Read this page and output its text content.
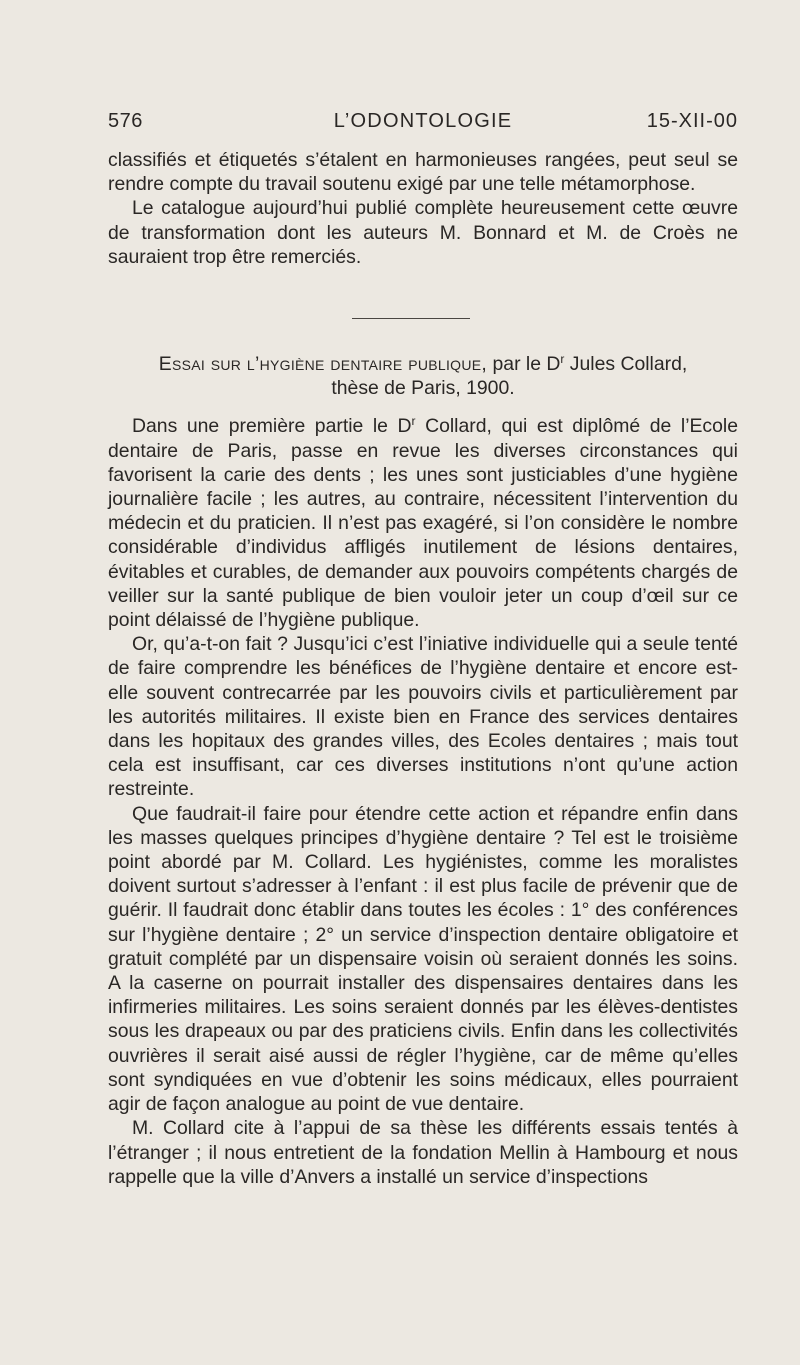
576	L’ODONTOLOGIE	15-XII-00

classifiés et étiquetés s’étalent en harmonieuses rangées, peut seul se rendre compte du travail soutenu exigé par une telle métamorphose.

Le catalogue aujourd’hui publié complète heureusement cette œuvre de transformation dont les auteurs M. Bonnard et M. de Croès ne sauraient trop être remerciés.

Essai sur l’hygiène dentaire publique, par le $D^r$ Jules Collard,

thèse de Paris, 1900.

Dans une première partie le $D^r$ Collard, qui est diplômé de l’Ecole dentaire de Paris, passe en revue les diverses circonstances qui favorisent la carie des dents ; les unes sont justiciables d’une hygiène journalière facile ; les autres, au contraire, nécessitent l’intervention du médecin et du praticien. Il n’est pas exagéré, si l’on considère le nombre considérable d’individus affligés inutilement de lésions dentaires, évitables et curables, de demander aux pouvoirs compétents chargés de veiller sur la santé publique de bien vouloir jeter un coup d’œil sur ce point délaissé de l’hygiène publique.

Or, qu’a-t-on fait ? Jusqu’ici c’est l’iniative individuelle qui a seule tenté de faire comprendre les bénéfices de l’hygiène dentaire et encore est-elle souvent contrecarrée par les pouvoirs civils et particulièrement par les autorités militaires. Il existe bien en France des services dentaires dans les hopitaux des grandes villes, des Ecoles dentaires ; mais tout cela est insuffisant, car ces diverses institutions n’ont qu’une action restreinte.

Que faudrait-il faire pour étendre cette action et répandre enfin dans les masses quelques principes d’hygiène dentaire ? Tel est le troisième point abordé par M. Collard. Les hygiénistes, comme les moralistes doivent surtout s’adresser à l’enfant : il est plus facile de prévenir que de guérir. Il faudrait donc établir dans toutes les écoles : 1° des conférences sur l’hygiène dentaire ; 2° un service d’inspection dentaire obligatoire et gratuit complété par un dispensaire voisin où seraient donnés les soins. A la caserne on pourrait installer des dispensaires dentaires dans les infirmeries militaires. Les soins seraient donnés par les élèves-dentistes sous les drapeaux ou par des praticiens civils. Enfin dans les collectivités ouvrières il serait aisé aussi de régler l’hygiène, car de même qu’elles sont syndiquées en vue d’obtenir les soins médicaux, elles pourraient agir de façon analogue au point de vue dentaire.

M. Collard cite à l’appui de sa thèse les différents essais tentés à l’étranger ; il nous entretient de la fondation Mellin à Hambourg et nous rappelle que la ville d’Anvers a installé un service d’inspections
